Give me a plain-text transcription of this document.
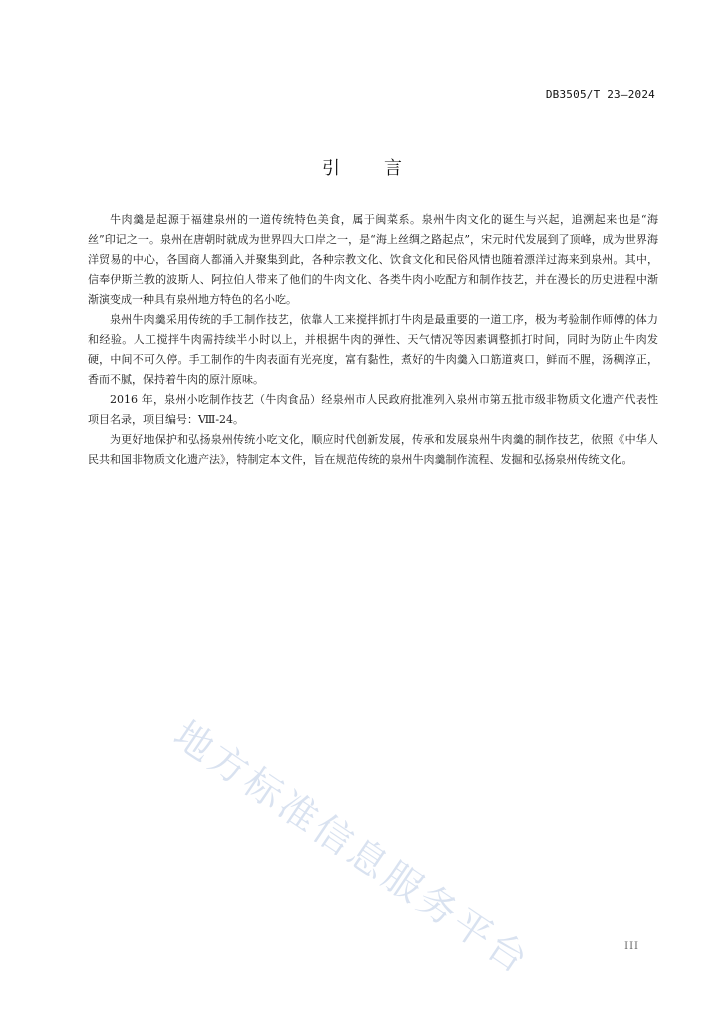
DB3505/T 23—2024
引言

牛肉羹是起源于福建泉州的一道传统特色美食，属于闽菜系。泉州牛肉文化的诞生与兴起，追溯起来也是“海丝”印记之一。泉州在唐朝时就成为世界四大口岸之一，是“海上丝绸之路起点”，宋元时代发展到了顶峰，成为世界海洋贸易的中心，各国商人都涌入并聚集到此，各种宗教文化、饮食文化和民俗风情也随着漂洋过海来到泉州。其中，信奉伊斯兰教的波斯人、阿拉伯人带来了他们的牛肉文化、各类牛肉小吃配方和制作技艺，并在漫长的历史进程中渐渐演变成一种具有泉州地方特色的名小吃。

泉州牛肉羹采用传统的手工制作技艺，依靠人工来搅拌抓打牛肉是最重要的一道工序，极为考验制作师傅的体力和经验。人工搅拌牛肉需持续半小时以上，并根据牛肉的弹性、天气情况等因素调整抓打时间，同时为防止牛肉发硬，中间不可久停。手工制作的牛肉表面有光亮度，富有黏性，煮好的牛肉羹入口筋道爽口，鲜而不腥，汤稠淳正，香而不腻，保持着牛肉的原汁原味。

2016 年，泉州小吃制作技艺（牛肉食品）经泉州市人民政府批准列入泉州市第五批市级非物质文化遗产代表性项目名录，项目编号：Ⅷ-24。

为更好地保护和弘扬泉州传统小吃文化，顺应时代创新发展，传承和发展泉州牛肉羹的制作技艺，依照《中华人民共和国非物质文化遗产法》，特制定本文件，旨在规范传统的泉州牛肉羹制作流程、发掘和弘扬泉州传统文化。

地方标准信息服务平台	III
